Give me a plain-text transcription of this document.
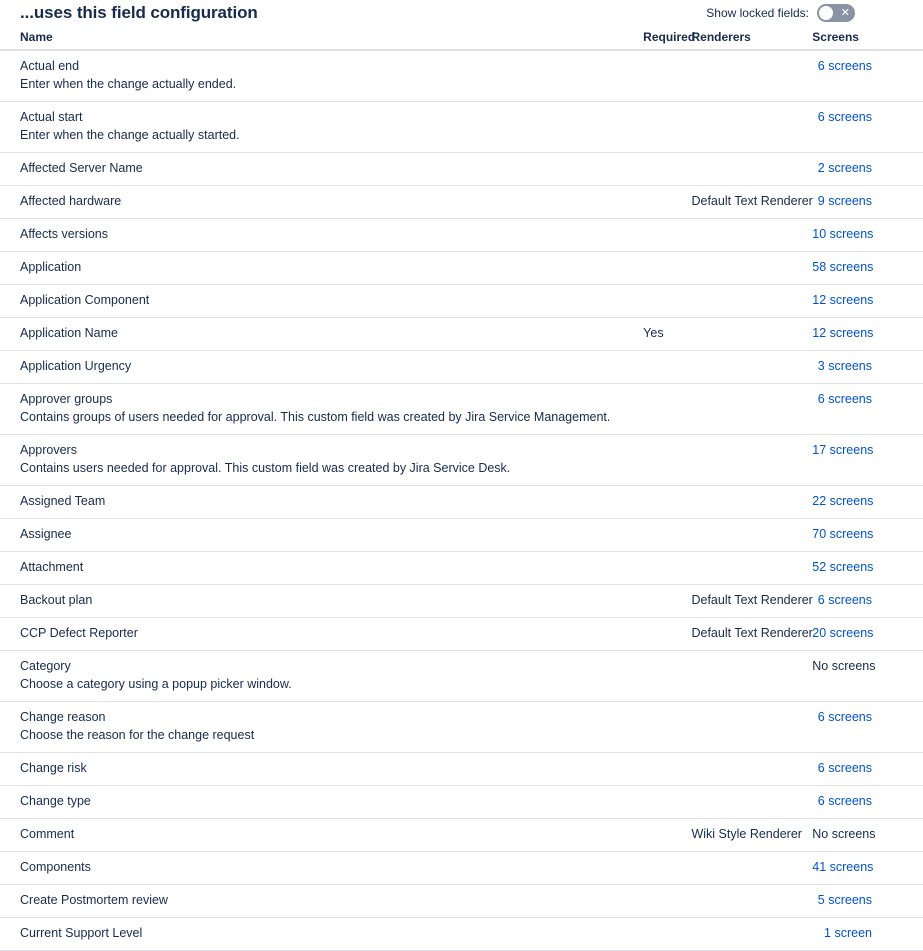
...uses this field configuration	Show locked fields:	✕
Name	Required	Renderers	Screens

Actual end
Enter when the change actually ended.			6 screens

Actual start
Enter when the change actually started.			6 screens

Affected Server Name			2 screens

Affected hardware		Default Text Renderer	9 screens

Affects versions			10 screens

Application			58 screens

Application Component			12 screens

Application Name	Yes		12 screens

Application Urgency			3 screens

Approver groups
Contains groups of users needed for approval. This custom field was created by Jira Service Management.			6 screens

Approvers
Contains users needed for approval. This custom field was created by Jira Service Desk.			17 screens

Assigned Team			22 screens

Assignee			70 screens

Attachment			52 screens

Backout plan		Default Text Renderer	6 screens

CCP Defect Reporter		Default Text Renderer	20 screens

Category
Choose a category using a popup picker window.			No screens

Change reason
Choose the reason for the change request			6 screens

Change risk			6 screens

Change type			6 screens

Comment		Wiki Style Renderer	No screens

Components			41 screens

Create Postmortem review			5 screens

Current Support Level			1 screen
